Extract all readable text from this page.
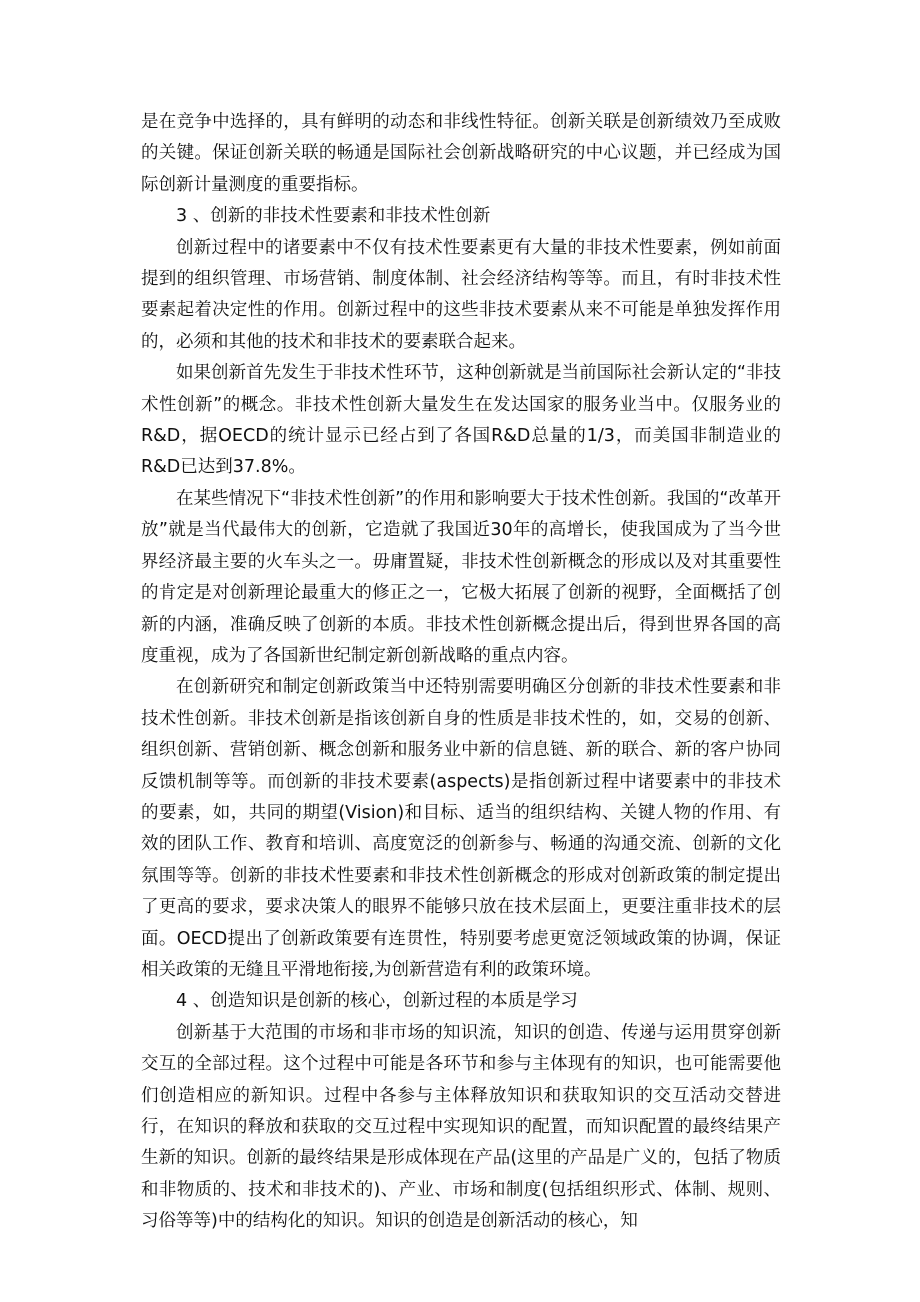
是在竞争中选择的，具有鲜明的动态和非线性特征。创新关联是创新绩效乃至成败的关键。保证创新关联的畅通是国际社会创新战略研究的中心议题，并已经成为国际创新计量测度的重要指标。

3 、创新的非技术性要素和非技术性创新

创新过程中的诸要素中不仅有技术性要素更有大量的非技术性要素，例如前面提到的组织管理、市场营销、制度体制、社会经济结构等等。而且，有时非技术性要素起着决定性的作用。创新过程中的这些非技术要素从来不可能是单独发挥作用的，必须和其他的技术和非技术的要素联合起来。

如果创新首先发生于非技术性环节，这种创新就是当前国际社会新认定的“非技术性创新”的概念。非技术性创新大量发生在发达国家的服务业当中。仅服务业的R&D，据OECD的统计显示已经占到了各国R&D总量的1/3，而美国非制造业的R&D已达到37.8%。

在某些情况下“非技术性创新”的作用和影响要大于技术性创新。我国的“改革开放”就是当代最伟大的创新，它造就了我国近30年的高增长，使我国成为了当今世界经济最主要的火车头之一。毋庸置疑，非技术性创新概念的形成以及对其重要性的肯定是对创新理论最重大的修正之一，它极大拓展了创新的视野，全面概括了创新的内涵，准确反映了创新的本质。非技术性创新概念提出后，得到世界各国的高度重视，成为了各国新世纪制定新创新战略的重点内容。

在创新研究和制定创新政策当中还特别需要明确区分创新的非技术性要素和非技术性创新。非技术创新是指该创新自身的性质是非技术性的，如，交易的创新、组织创新、营销创新、概念创新和服务业中新的信息链、新的联合、新的客户协同反馈机制等等。而创新的非技术要素(aspects)是指创新过程中诸要素中的非技术的要素，如，共同的期望(Vision)和目标、适当的组织结构、关键人物的作用、有效的团队工作、教育和培训、高度宽泛的创新参与、畅通的沟通交流、创新的文化氛围等等。创新的非技术性要素和非技术性创新概念的形成对创新政策的制定提出了更高的要求，要求决策人的眼界不能够只放在技术层面上，更要注重非技术的层面。OECD提出了创新政策要有连贯性，特别要考虑更宽泛领域政策的协调，保证相关政策的无缝且平滑地衔接,为创新营造有利的政策环境。

4 、创造知识是创新的核心，创新过程的本质是学习

创新基于大范围的市场和非市场的知识流，知识的创造、传递与运用贯穿创新交互的全部过程。这个过程中可能是各环节和参与主体现有的知识，也可能需要他们创造相应的新知识。过程中各参与主体释放知识和获取知识的交互活动交替进行，在知识的释放和获取的交互过程中实现知识的配置，而知识配置的最终结果产生新的知识。创新的最终结果是形成体现在产品(这里的产品是广义的，包括了物质和非物质的、技术和非技术的)、产业、市场和制度(包括组织形式、体制、规则、习俗等等)中的结构化的知识。知识的创造是创新活动的核心，知
